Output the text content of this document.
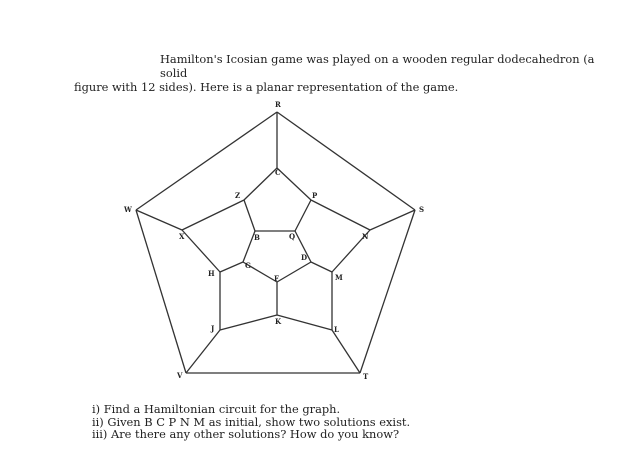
Hamilton's Icosian game was played on a wooden regular dodecahedron (a solid
figure with 12 sides). Here is a planar representation of the game.
R
W	S
V	T
C
Z	P
X	N
B	Q
G
D
H	M
F
J
K
L
i) Find a Hamiltonian circuit for the graph.
ii) Given B C P N M as initial, show two solutions exist.
iii) Are there any other solutions? How do you know?
